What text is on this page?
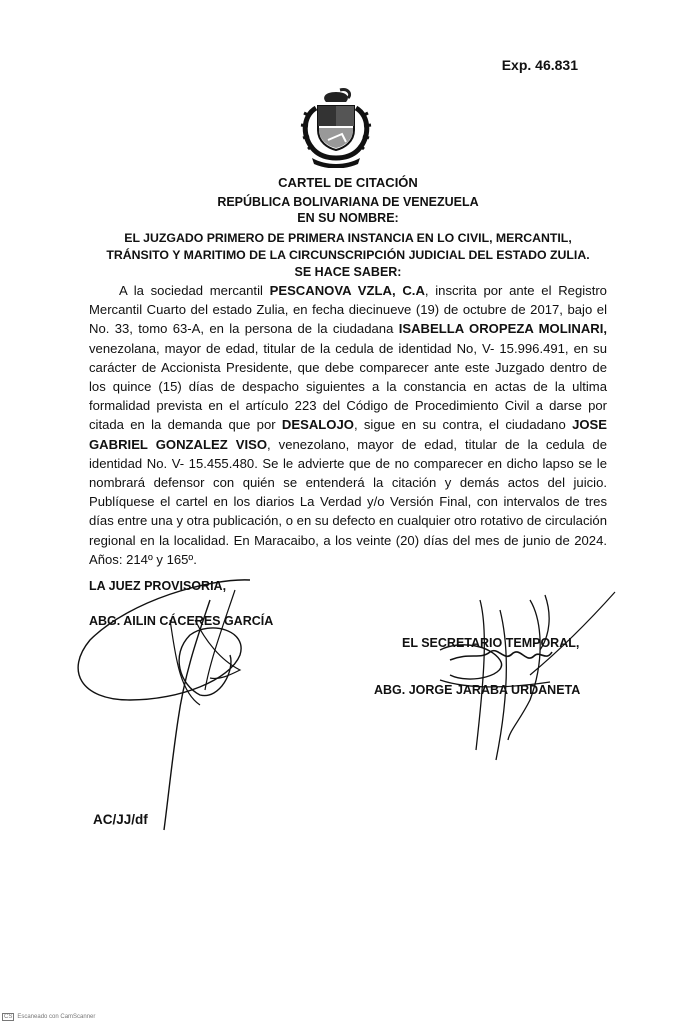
Exp. 46.831
CARTEL DE CITACIÓN
REPÚBLICA BOLIVARIANA DE VENEZUELA
EN SU NOMBRE:
EL JUZGADO PRIMERO DE PRIMERA INSTANCIA EN LO CIVIL, MERCANTIL,
TRÁNSITO Y MARITIMO DE LA CIRCUNSCRIPCIÓN JUDICIAL DEL ESTADO ZULIA.
SE HACE SABER:

A la sociedad mercantil PESCANOVA VZLA, C.A, inscrita por ante el Registro Mercantil Cuarto del estado Zulia, en fecha diecinueve (19) de octubre de 2017, bajo el No. 33, tomo 63-A, en la persona de la ciudadana ISABELLA OROPEZA MOLINARI, venezolana, mayor de edad, titular de la cedula de identidad No, V- 15.996.491, en su carácter de Accionista Presidente, que debe comparecer ante este Juzgado dentro de los quince (15) días de despacho siguientes a la constancia en actas de la ultima formalidad prevista en el artículo 223 del Código de Procedimiento Civil a darse por citada en la demanda que por DESALOJO, sigue en su contra, el ciudadano JOSE GABRIEL GONZALEZ VISO, venezolano, mayor de edad, titular de la cedula de identidad No. V- 15.455.480. Se le advierte que de no comparecer en dicho lapso se le nombrará defensor con quién se entenderá la citación y demás actos del juicio. Publíquese el cartel en los diarios La Verdad y/o Versión Final, con intervalos de tres días entre una y otra publicación, o en su defecto en cualquier otro rotativo de circulación regional en la localidad. En Maracaibo, a los veinte (20) días del mes de junio de 2024. Años: 214º y 165º.

LA JUEZ PROVISORIA,
ABG. AILIN CÁCERES GARCÍA
EL SECRETARIO TEMPORAL,
ABG. JORGE JARABA URDANETA
AC/JJ/df
CS Escaneado con CamScanner
